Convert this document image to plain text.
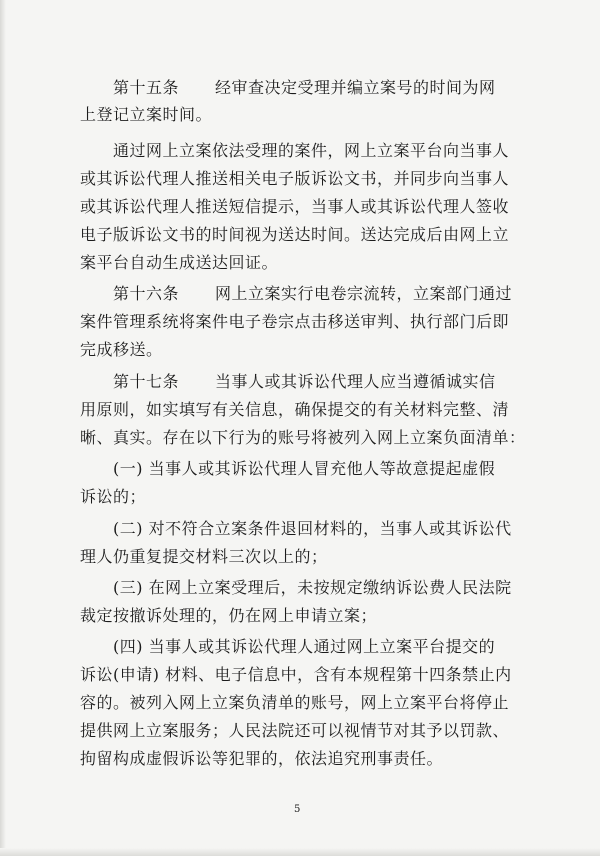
第十五条 经审查决定受理并编立案号的时间为网
上登记立案时间。
通过网上立案依法受理的案件，网上立案平台向当事人
或其诉讼代理人推送相关电子版诉讼文书，并同步向当事人
或其诉讼代理人推送短信提示，当事人或其诉讼代理人签收
电子版诉讼文书的时间视为送达时间。送达完成后由网上立
案平台自动生成送达回证。
第十六条 网上立案实行电卷宗流转，立案部门通过
案件管理系统将案件电子卷宗点击移送审判、执行部门后即
完成移送。
第十七条 当事人或其诉讼代理人应当遵循诚实信
用原则，如实填写有关信息，确保提交的有关材料完整、清
晰、真实。存在以下行为的账号将被列入网上立案负面清单：
(一) 当事人或其诉讼代理人冒充他人等故意提起虚假
诉讼的；
(二) 对不符合立案条件退回材料的，当事人或其诉讼代
理人仍重复提交材料三次以上的；
(三) 在网上立案受理后，未按规定缴纳诉讼费人民法院
裁定按撤诉处理的，仍在网上申请立案；
(四) 当事人或其诉讼代理人通过网上立案平台提交的
诉讼(申请) 材料、电子信息中，含有本规程第十四条禁止内
容的。被列入网上立案负清单的账号，网上立案平台将停止
提供网上立案服务；人民法院还可以视情节对其予以罚款、
拘留构成虚假诉讼等犯罪的，依法追究刑事责任。
5
